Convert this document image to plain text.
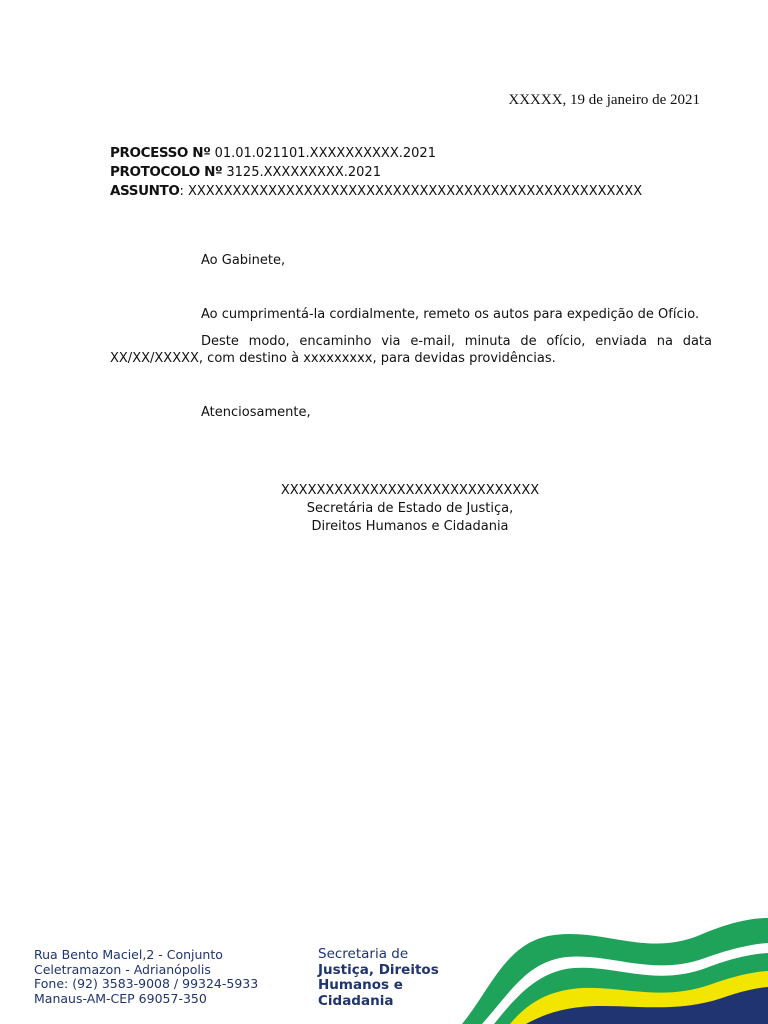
XXXXX, 19 de janeiro de 2021
PROCESSO Nº 01.01.021101.XXXXXXXXXX.2021
PROTOCOLO Nº 3125.XXXXXXXXX.2021
ASSUNTO: XXXXXXXXXXXXXXXXXXXXXXXXXXXXXXXXXXXXXXXXXXXXXXXXXXX

Ao Gabinete,

Ao cumprimentá-la cordialmente, remeto os autos para expedição de Ofício.

Deste modo, encaminho via e-mail, minuta de ofício, enviada na data XX/XX/XXXXX, com destino à xxxxxxxxx, para devidas providências.

Atenciosamente,

XXXXXXXXXXXXXXXXXXXXXXXXXXXXX
Secretária de Estado de Justiça,
Direitos Humanos e Cidadania
Rua Bento Maciel,2 - Conjunto
Celetramazon - Adrianópolis
Fone: (92) 3583-9008 / 99324-5933
Manaus-AM-CEP 69057-350
Secretaria de
Justiça, Direitos
Humanos e
Cidadania
